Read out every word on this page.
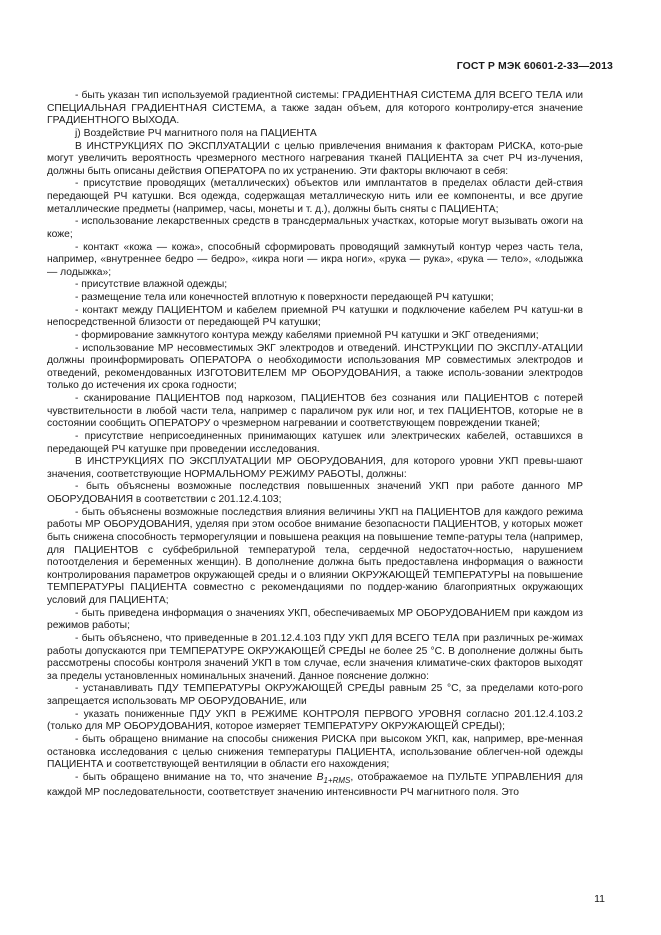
ГОСТ Р МЭК 60601-2-33—2013

- быть указан тип используемой градиентной системы: ГРАДИЕНТНАЯ СИСТЕМА ДЛЯ ВСЕГО ТЕЛА или СПЕЦИАЛЬНАЯ ГРАДИЕНТНАЯ СИСТЕМА, а также задан объем, для которого контролиру-ется значение ГРАДИЕНТНОГО ВЫХОДА.

j) Воздействие РЧ магнитного поля на ПАЦИЕНТА

В ИНСТРУКЦИЯХ ПО ЭКСПЛУАТАЦИИ с целью привлечения внимания к факторам РИСКА, кото-рые могут увеличить вероятность чрезмерного местного нагревания тканей ПАЦИЕНТА за счет РЧ из-лучения, должны быть описаны действия ОПЕРАТОРА по их устранению. Эти факторы включают в себя:

- присутствие проводящих (металлических) объектов или имплантатов в пределах области дей-ствия передающей РЧ катушки. Вся одежда, содержащая металлическую нить или ее компоненты, и все другие металлические предметы (например, часы, монеты и т. д.), должны быть сняты с ПАЦИЕНТА;

- использование лекарственных средств в трансдермальных участках, которые могут вызывать ожоги на коже;

- контакт «кожа — кожа», способный сформировать проводящий замкнутый контур через часть тела, например, «внутреннее бедро — бедро», «икра ноги — икра ноги», «рука — рука», «рука — тело», «лодыжка — лодыжка»;

- присутствие влажной одежды;

- размещение тела или конечностей вплотную к поверхности передающей РЧ катушки;

- контакт между ПАЦИЕНТОМ и кабелем приемной РЧ катушки и подключение кабелем РЧ катуш-ки в непосредственной близости от передающей РЧ катушки;

- формирование замкнутого контура между кабелями приемной РЧ катушки и ЭКГ отведениями;

- использование МР несовместимых ЭКГ электродов и отведений. ИНСТРУКЦИИ ПО ЭКСПЛУ-АТАЦИИ должны проинформировать ОПЕРАТОРА о необходимости использования МР совместимых электродов и отведений, рекомендованных ИЗГОТОВИТЕЛЕМ МР ОБОРУДОВАНИЯ, а также исполь-зовании электродов только до истечения их срока годности;

- сканирование ПАЦИЕНТОВ под наркозом, ПАЦИЕНТОВ без сознания или ПАЦИЕНТОВ с потерей чувствительности в любой части тела, например с параличом рук или ног, и тех ПАЦИЕНТОВ, которые не в состоянии сообщить ОПЕРАТОРУ о чрезмерном нагревании и соответствующем повреждении тканей;

- присутствие неприсоединенных принимающих катушек или электрических кабелей, оставшихся в передающей РЧ катушке при проведении исследования.

В ИНСТРУКЦИЯХ ПО ЭКСПЛУАТАЦИИ МР ОБОРУДОВАНИЯ, для которого уровни УКП превы-шают значения, соответствующие НОРМАЛЬНОМУ РЕЖИМУ РАБОТЫ, должны:

- быть объяснены возможные последствия повышенных значений УКП при работе данного МР ОБОРУДОВАНИЯ в соответствии с 201.12.4.103;

- быть объяснены возможные последствия влияния величины УКП на ПАЦИЕНТОВ для каждого режима работы МР ОБОРУДОВАНИЯ, уделяя при этом особое внимание безопасности ПАЦИЕНТОВ, у которых может быть снижена способность терморегуляции и повышена реакция на повышение темпе-ратуры тела (например, для ПАЦИЕНТОВ с субфебрильной температурой тела, сердечной недостаточ-ностью, нарушением потоотделения и беременных женщин). В дополнение должна быть предоставлена информация о важности контролирования параметров окружающей среды и о влиянии ОКРУЖАЮЩЕЙ ТЕМПЕРАТУРЫ на повышение ТЕМПЕРАТУРЫ ПАЦИЕНТА совместно с рекомендациями по поддер-жанию благоприятных окружающих условий для ПАЦИЕНТА;

- быть приведена информация о значениях УКП, обеспечиваемых МР ОБОРУДОВАНИЕМ при каждом из режимов работы;

- быть объяснено, что приведенные в 201.12.4.103 ПДУ УКП ДЛЯ ВСЕГО ТЕЛА при различных ре-жимах работы допускаются при ТЕМПЕРАТУРЕ ОКРУЖАЮЩЕЙ СРЕДЫ не более 25 °С. В дополнение должны быть рассмотрены способы контроля значений УКП в том случае, если значения климатиче-ских факторов выходят за пределы установленных номинальных значений. Данное пояснение должно:

- устанавливать ПДУ ТЕМПЕРАТУРЫ ОКРУЖАЮЩЕЙ СРЕДЫ равным 25 °С, за пределами кото-рого запрещается использовать МР ОБОРУДОВАНИЕ, или

- указать пониженные ПДУ УКП в РЕЖИМЕ КОНТРОЛЯ ПЕРВОГО УРОВНЯ согласно 201.12.4.103.2 (только для МР ОБОРУДОВАНИЯ, которое измеряет ТЕМПЕРАТУРУ ОКРУЖАЮЩЕЙ СРЕДЫ);

- быть обращено внимание на способы снижения РИСКА при высоком УКП, как, например, вре-менная остановка исследования с целью снижения температуры ПАЦИЕНТА, использование облегчен-ной одежды ПАЦИЕНТА и соответствующей вентиляции в области его нахождения;

- быть обращено внимание на то, что значение $B_{1+RMS}$, отображаемое на ПУЛЬТЕ УПРАВЛЕНИЯ для каждой МР последовательности, соответствует значению интенсивности РЧ магнитного поля. Это

11
